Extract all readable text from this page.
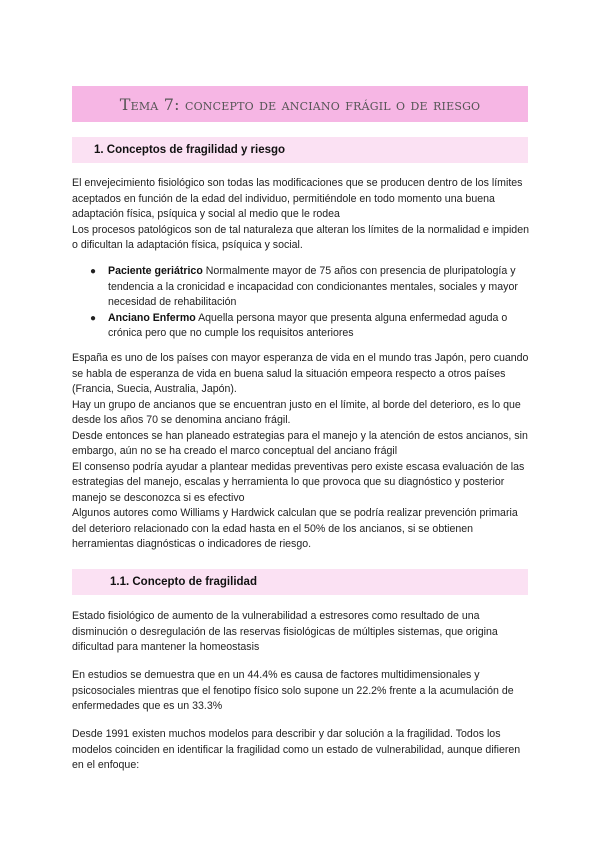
Tema 7: concepto de anciano frágil o de riesgo
1. Conceptos de fragilidad y riesgo

El envejecimiento fisiológico son todas las modificaciones que se producen dentro de los límites aceptados en función de la edad del individuo, permitiéndole en todo momento una buena adaptación física, psíquica y social al medio que le rodea

Los procesos patológicos son de tal naturaleza que alteran los límites de la normalidad e impiden o dificultan la adaptación física, psíquica y social.

● Paciente geriátrico Normalmente mayor de 75 años con presencia de pluripatología y tendencia a la cronicidad e incapacidad con condicionantes mentales, sociales y mayor necesidad de rehabilitación
● Anciano Enfermo Aquella persona mayor que presenta alguna enfermedad aguda o crónica pero que no cumple los requisitos anteriores

España es uno de los países con mayor esperanza de vida en el mundo tras Japón, pero cuando se habla de esperanza de vida en buena salud la situación empeora respecto a otros países (Francia, Suecia, Australia, Japón).

Hay un grupo de ancianos que se encuentran justo en el límite, al borde del deterioro, es lo que desde los años 70 se denomina anciano frágil.

Desde entonces se han planeado estrategias para el manejo y la atención de estos ancianos, sin embargo, aún no se ha creado el marco conceptual del anciano frágil

El consenso podría ayudar a plantear medidas preventivas pero existe escasa evaluación de las estrategias del manejo, escalas y herramienta lo que provoca que su diagnóstico y posterior manejo se desconozca si es efectivo

Algunos autores como Williams y Hardwick calculan que se podría realizar prevención primaria del deterioro relacionado con la edad hasta en el 50% de los ancianos, si se obtienen herramientas diagnósticas o indicadores de riesgo.

1.1. Concepto de fragilidad

Estado fisiológico de aumento de la vulnerabilidad a estresores como resultado de una disminución o desregulación de las reservas fisiológicas de múltiples sistemas, que origina dificultad para mantener la homeostasis

En estudios se demuestra que en un 44.4% es causa de factores multidimensionales y psicosociales mientras que el fenotipo físico solo supone un 22.2% frente a la acumulación de enfermedades que es un 33.3%

Desde 1991 existen muchos modelos para describir y dar solución a la fragilidad. Todos los modelos coinciden en identificar la fragilidad como un estado de vulnerabilidad, aunque difieren en el enfoque:
